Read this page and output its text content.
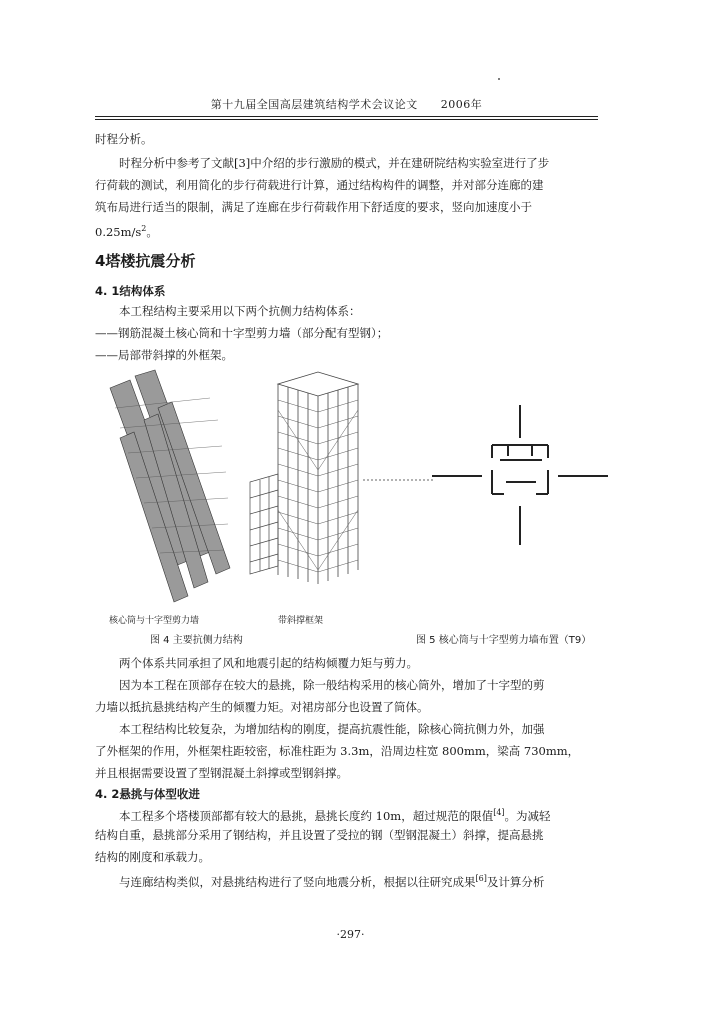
第十九届全国高层建筑结构学术会议论文　　2006年
时程分析。
时程分析中参考了文献[3]中介绍的步行激励的模式，并在建研院结构实验室进行了步
行荷载的测试，利用简化的步行荷载进行计算，通过结构构件的调整，并对部分连廊的建
筑布局进行适当的限制，满足了连廊在步行荷载作用下舒适度的要求，竖向加速度小于
$0.25m/s^2$。
4塔楼抗震分析
4. 1结构体系
本工程结构主要采用以下两个抗侧力结构体系：
——钢筋混凝土核心筒和十字型剪力墙（部分配有型钢）；
——局部带斜撑的外框架。
核心筒与十字型剪力墙	带斜撑框架
图 4 主要抗侧力结构	图 5 核心筒与十字型剪力墙布置（T9）
两个体系共同承担了风和地震引起的结构倾覆力矩与剪力。
因为本工程在顶部存在较大的悬挑，除一般结构采用的核心筒外，增加了十字型的剪
力墙以抵抗悬挑结构产生的倾覆力矩。对裙房部分也设置了筒体。
本工程结构比较复杂，为增加结构的刚度，提高抗震性能，除核心筒抗侧力外，加强
了外框架的作用，外框架柱距较密，标准柱距为 3.3m，沿周边柱宽 800mm，梁高 730mm，
并且根据需要设置了型钢混凝土斜撑或型钢斜撑。
4. 2悬挑与体型收进
本工程多个塔楼顶部都有较大的悬挑，悬挑长度约 10m，超过规范的限值[4]。为减轻
结构自重，悬挑部分采用了钢结构，并且设置了受拉的钢（型钢混凝土）斜撑，提高悬挑
结构的刚度和承载力。
与连廊结构类似，对悬挑结构进行了竖向地震分析，根据以往研究成果[6]及计算分析
·297·
